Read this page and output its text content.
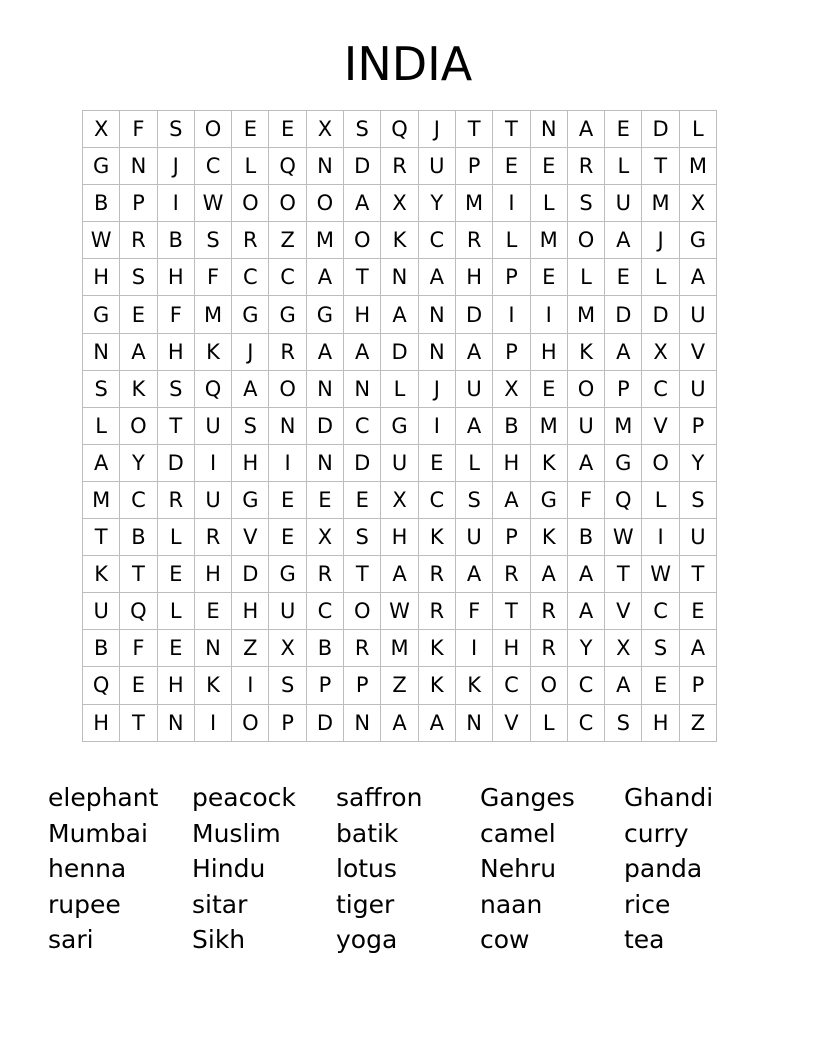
INDIA
X	F	S	O	E	E	X	S	Q	J	T	T	N	A	E	D	L
G	N	J	C	L	Q	N	D	R	U	P	E	E	R	L	T	M
B	P	I	W	O	O	O	A	X	Y	M	I	L	S	U	M	X
W	R	B	S	R	Z	M	O	K	C	R	L	M	O	A	J	G
H	S	H	F	C	C	A	T	N	A	H	P	E	L	E	L	A
G	E	F	M	G	G	G	H	A	N	D	I	I	M	D	D	U
N	A	H	K	J	R	A	A	D	N	A	P	H	K	A	X	V
S	K	S	Q	A	O	N	N	L	J	U	X	E	O	P	C	U
L	O	T	U	S	N	D	C	G	I	A	B	M	U	M	V	P
A	Y	D	I	H	I	N	D	U	E	L	H	K	A	G	O	Y
M	C	R	U	G	E	E	E	X	C	S	A	G	F	Q	L	S
T	B	L	R	V	E	X	S	H	K	U	P	K	B	W	I	U
K	T	E	H	D	G	R	T	A	R	A	R	A	A	T	W	T
U	Q	L	E	H	U	C	O	W	R	F	T	R	A	V	C	E
B	F	E	N	Z	X	B	R	M	K	I	H	R	Y	X	S	A
Q	E	H	K	I	S	P	P	Z	K	K	C	O	C	A	E	P
H	T	N	I	O	P	D	N	A	A	N	V	L	C	S	H	Z
elephant	peacock	saffron	Ganges	Ghandi
Mumbai	Muslim	batik	camel	curry
henna	Hindu	lotus	Nehru	panda
rupee	sitar	tiger	naan	rice
sari	Sikh	yoga	cow	tea
